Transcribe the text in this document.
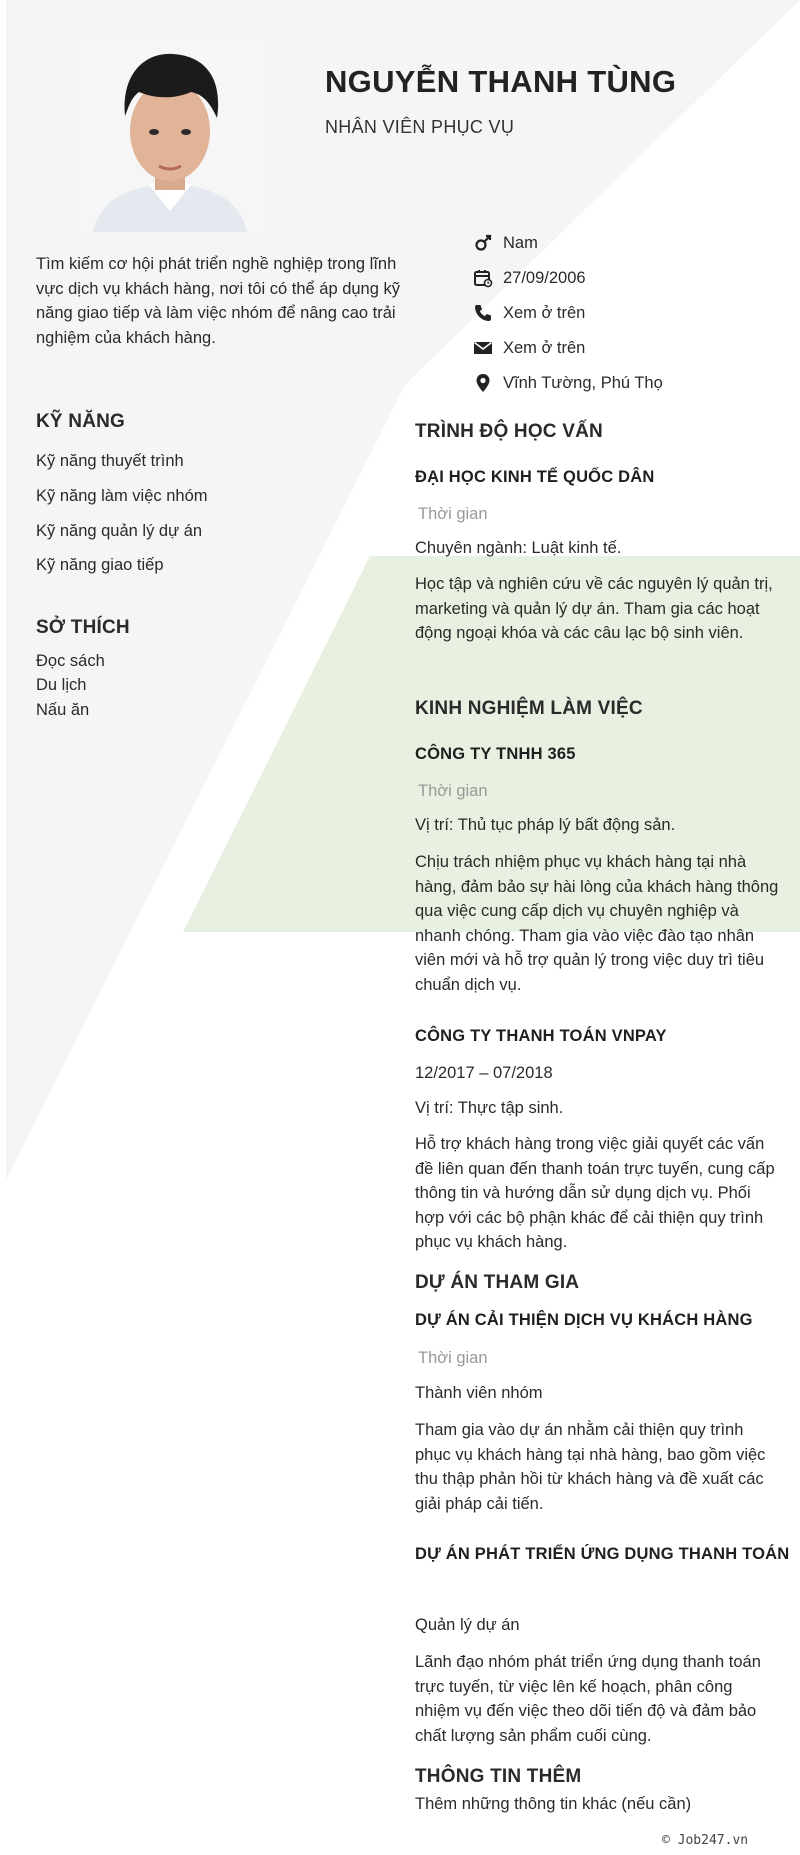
NGUYỄN THANH TÙNG
NHÂN VIÊN PHỤC VỤ
Tìm kiếm cơ hội phát triển nghề nghiệp trong lĩnh vực dịch vụ khách hàng, nơi tôi có thể áp dụng kỹ năng giao tiếp và làm việc nhóm để nâng cao trải nghiệm của khách hàng.
Nam
27/09/2006
Xem ở trên
Xem ở trên
Vĩnh Tường, Phú Thọ
KỸ NĂNG
Kỹ năng thuyết trình
Kỹ năng làm việc nhóm
Kỹ năng quản lý dự án
Kỹ năng giao tiếp
SỞ THÍCH
Đọc sách
Du lịch
Nấu ăn
TRÌNH ĐỘ HỌC VẤN
ĐẠI HỌC KINH TẾ QUỐC DÂN
Thời gian
Chuyên ngành: Luật kinh tế.
Học tập và nghiên cứu về các nguyên lý quản trị, marketing và quản lý dự án. Tham gia các hoạt động ngoại khóa và các câu lạc bộ sinh viên.
KINH NGHIỆM LÀM VIỆC
CÔNG TY TNHH 365
Thời gian
Vị trí: Thủ tục pháp lý bất động sản.
Chịu trách nhiệm phục vụ khách hàng tại nhà hàng, đảm bảo sự hài lòng của khách hàng thông qua việc cung cấp dịch vụ chuyên nghiệp và nhanh chóng. Tham gia vào việc đào tạo nhân viên mới và hỗ trợ quản lý trong việc duy trì tiêu chuẩn dịch vụ.
CÔNG TY THANH TOÁN VNPAY
12/2017 – 07/2018
Vị trí: Thực tập sinh.
Hỗ trợ khách hàng trong việc giải quyết các vấn đề liên quan đến thanh toán trực tuyến, cung cấp thông tin và hướng dẫn sử dụng dịch vụ. Phối hợp với các bộ phận khác để cải thiện quy trình phục vụ khách hàng.
DỰ ÁN THAM GIA
DỰ ÁN CẢI THIỆN DỊCH VỤ KHÁCH HÀNG
Thời gian
Thành viên nhóm
Tham gia vào dự án nhằm cải thiện quy trình phục vụ khách hàng tại nhà hàng, bao gồm việc thu thập phản hồi từ khách hàng và đề xuất các giải pháp cải tiến.
DỰ ÁN PHÁT TRIỂN ỨNG DỤNG THANH TOÁN
Quản lý dự án
Lãnh đạo nhóm phát triển ứng dụng thanh toán trực tuyến, từ việc lên kế hoạch, phân công nhiệm vụ đến việc theo dõi tiến độ và đảm bảo chất lượng sản phẩm cuối cùng.
THÔNG TIN THÊM
Thêm những thông tin khác (nếu cần)
© Job247.vn
